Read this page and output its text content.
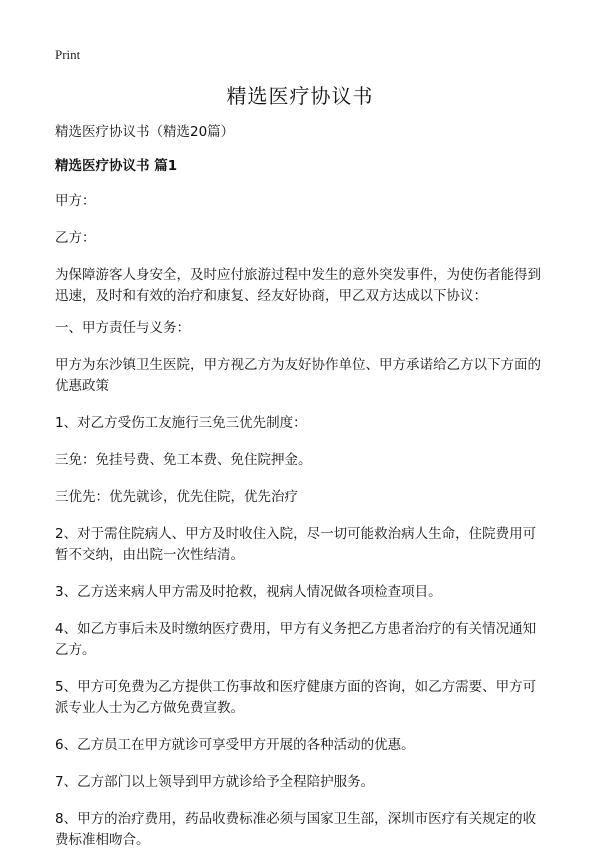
Print
精选医疗协议书

精选医疗协议书（精选20篇）

精选医疗协议书 篇1

甲方：

乙方：

为保障游客人身安全，及时应付旅游过程中发生的意外突发事件，为使伤者能得到迅速，及时和有效的治疗和康复、经友好协商，甲乙双方达成以下协议：

一、甲方责任与义务：

甲方为东沙镇卫生医院，甲方视乙方为友好协作单位、甲方承诺给乙方以下方面的优惠政策

1、对乙方受伤工友施行三免三优先制度：

三免：免挂号费、免工本费、免住院押金。

三优先：优先就诊，优先住院，优先治疗

2、对于需住院病人、甲方及时收住入院，尽一切可能救治病人生命，住院费用可暂不交纳，由出院一次性结清。

3、乙方送来病人甲方需及时抢救，视病人情况做各项检查项目。

4、如乙方事后未及时缴纳医疗费用，甲方有义务把乙方患者治疗的有关情况通知乙方。

5、甲方可免费为乙方提供工伤事故和医疗健康方面的咨询，如乙方需要、甲方可派专业人士为乙方做免费宣教。

6、乙方员工在甲方就诊可享受甲方开展的各种活动的优惠。

7、乙方部门以上领导到甲方就诊给予全程陪护服务。

8、甲方的治疗费用，药品收费标准必须与国家卫生部，深圳市医疗有关规定的收费标准相吻合。
